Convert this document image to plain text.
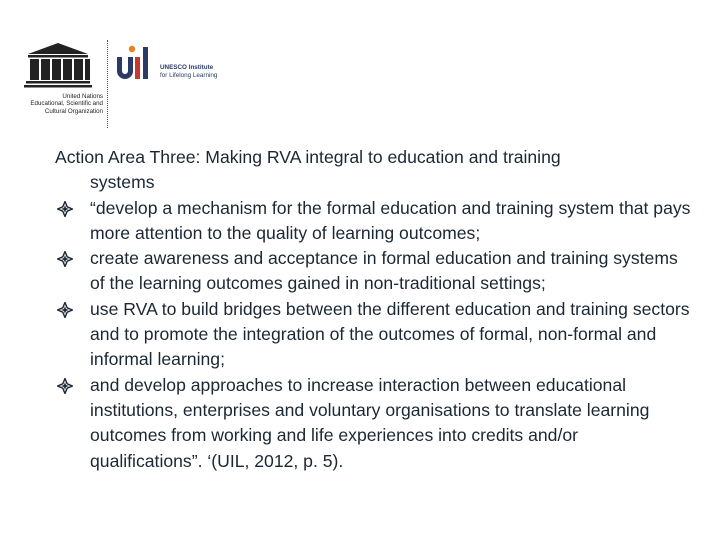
United Nations
Educational, Scientific and
Cultural Organization
UNESCO Institute
for Lifelong Learning
Action Area Three: Making RVA integral to education and training
systems
“develop a mechanism for the formal education and training system that pays more attention to the quality of learning outcomes;
create awareness and acceptance in formal education and training systems of the learning outcomes gained in non-traditional settings;
use RVA to build bridges between the different education and training sectors and to promote the integration of the outcomes of formal, non-formal and informal learning;
and develop approaches to increase interaction between educational institutions, enterprises and voluntary organisations to translate learning outcomes from working and life experiences into credits and/or qualifications”. ‘(UIL, 2012, p. 5).
